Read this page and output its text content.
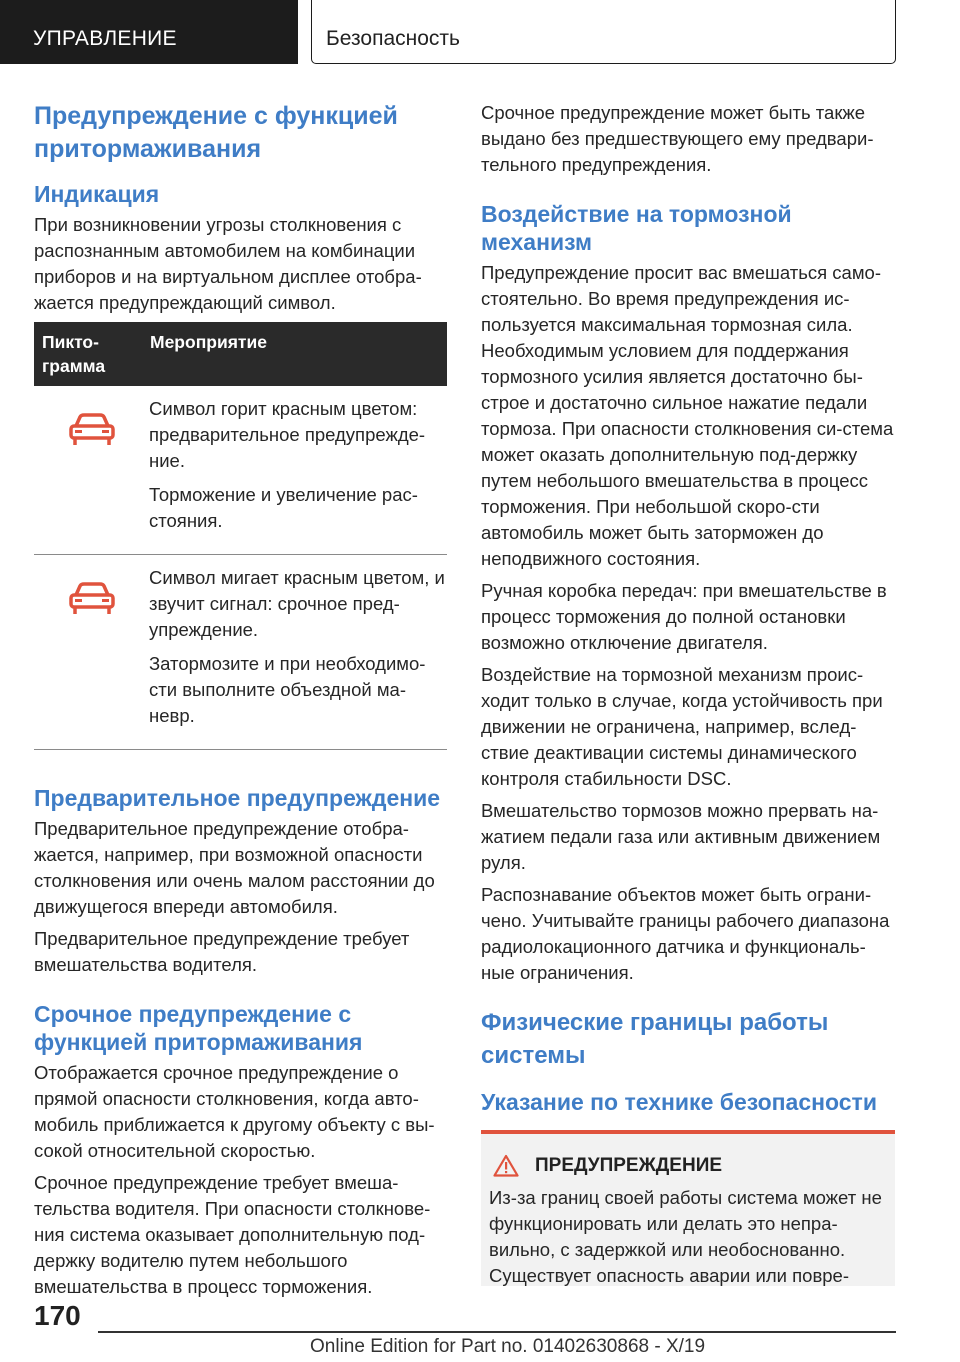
УПРАВЛЕНИЕ	Безопасность
Предупреждение с функцией притормаживания
Индикация

При возникновении угрозы столкновения с распознанным автомобилем на комбинации приборов и на виртуальном дисплее отобра-жается предупреждающий символ.

Пикто-грамма
Мероприятие

Символ горит красным цветом: предварительное предупрежде-ние.

Торможение и увеличение рас-стояния.

Символ мигает красным цветом, и звучит сигнал: срочное пред-упреждение.

Затормозите и при необходимо-сти выполните объездной ма-невр.

Предварительное предупреждение

Предварительное предупреждение отобра-жается, например, при возможной опасности столкновения или очень малом расстоянии до движущегося впереди автомобиля.

Предварительное предупреждение требует вмешательства водителя.

Срочное предупреждение с функцией притормаживания

Отображается срочное предупреждение о прямой опасности столкновения, когда авто-мобиль приближается к другому объекту с вы-сокой относительной скоростью.

Срочное предупреждение требует вмеша-тельства водителя. При опасности столкнове-ния система оказывает дополнительную под-держку водителю путем небольшого вмешательства в процесс торможения.

Срочное предупреждение может быть также выдано без предшествующего ему предвари-тельного предупреждения.

Воздействие на тормозной механизм

Предупреждение просит вас вмешаться само-стоятельно. Во время предупреждения ис-пользуется максимальная тормозная сила. Необходимым условием для поддержания тормозного усилия является достаточно бы-строе и достаточно сильное нажатие педали тормоза. При опасности столкновения си-стема может оказать дополнительную под-держку путем небольшого вмешательства в процесс торможения. При небольшой скоро-сти автомобиль может быть заторможен до неподвижного состояния.

Ручная коробка передач: при вмешательстве в процесс торможения до полной остановки возможно отключение двигателя.

Воздействие на тормозной механизм проис-ходит только в случае, когда устойчивость при движении не ограничена, например, вслед-ствие деактивации системы динамического контроля стабильности DSC.

Вмешательство тормозов можно прервать на-жатием педали газа или активным движением руля.

Распознавание объектов может быть ограни-чено. Учитывайте границы рабочего диапазона радиолокационного датчика и функциональ-ные ограничения.

Физические границы работы системы
Указание по технике безопасности
ПРЕДУПРЕЖДЕНИЕ

Из-за границ своей работы система может не функционировать или делать это непра-вильно, с задержкой или необоснованно. Существует опасность аварии или повре-

170
Online Edition for Part no. 01402630868 - X/19
